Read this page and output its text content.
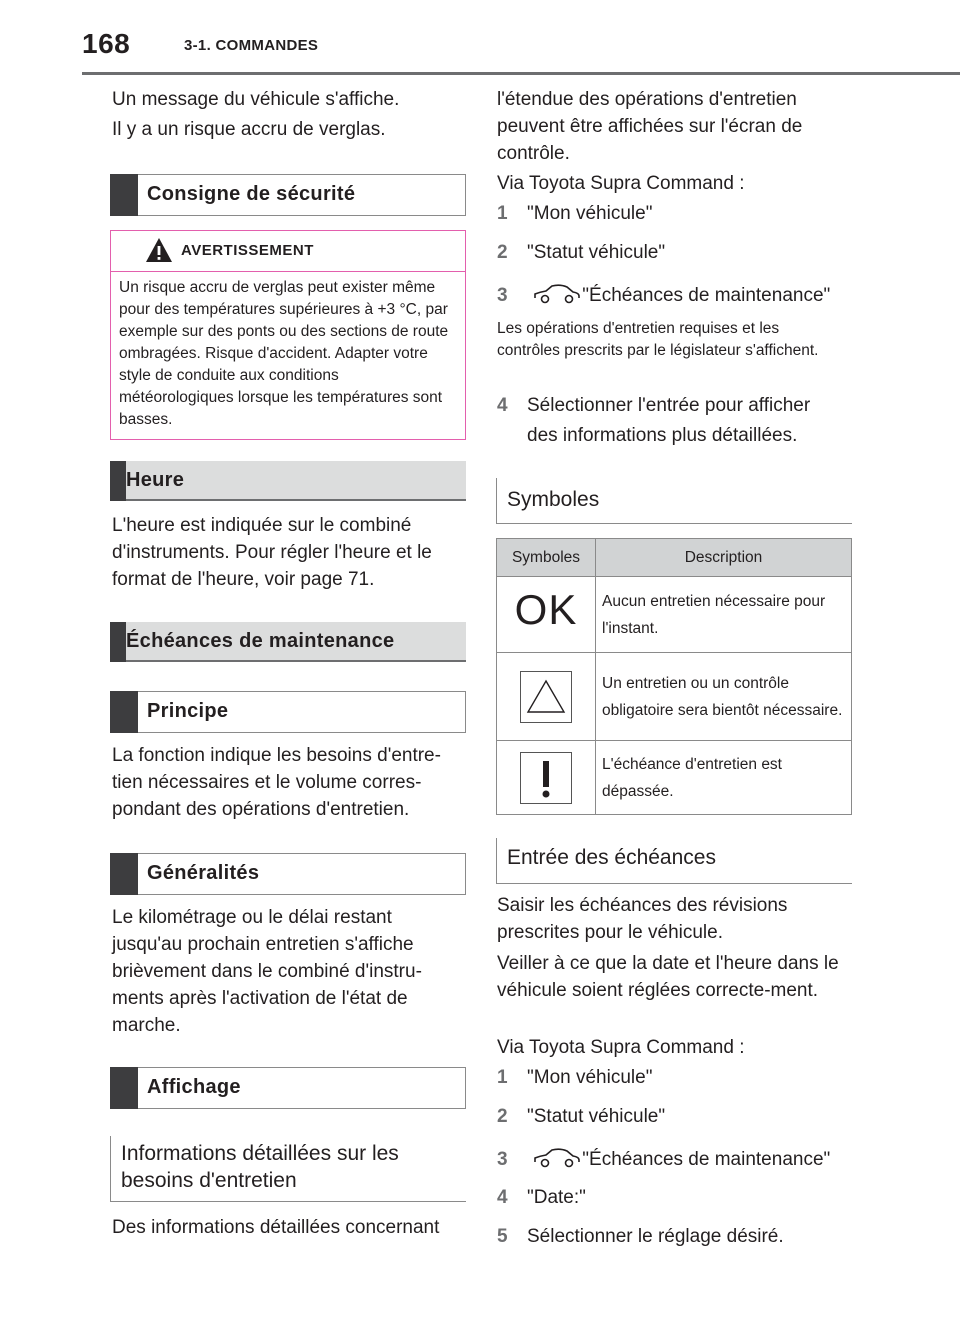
168	3-1. COMMANDES

Un message du véhicule s'affiche.

Il y a un risque accru de verglas.

Consigne de sécurité
AVERTISSEMENT
Un risque accru de verglas peut exister même pour des températures supérieures à +3 °C, par exemple sur des ponts ou des sections de route ombragées. Risque d'accident. Adapter votre style de conduite aux conditions météorologiques lorsque les températures sont basses.
Heure

L'heure est indiquée sur le combiné d'instruments. Pour régler l'heure et le format de l'heure, voir page 71.

Échéances de maintenance
Principe

La fonction indique les besoins d'entre-tien nécessaires et le volume corres-pondant des opérations d'entretien.

Généralités

Le kilométrage ou le délai restant jusqu'au prochain entretien s'affiche brièvement dans le combiné d'instru-ments après l'activation de l'état de marche.

Affichage
Informations détaillées sur les besoins d'entretien

Des informations détaillées concernant

l'étendue des opérations d'entretien peuvent être affichées sur l'écran de contrôle.

Via Toyota Supra Command :

1 "Mon véhicule"
2 "Statut véhicule"
3	"Échéances de maintenance"
Les opérations d'entretien requises et les contrôles prescrits par le législateur s'affichent.
4	Sélectionner l'entrée pour afficher des informations plus détaillées.
Symboles
Symboles	Description
OK	Aucun entretien nécessaire pour l'instant.
	Un entretien ou un contrôle obligatoire sera bientôt nécessaire.
	L'échéance d'entretien est dépassée.
Entrée des échéances

Saisir les échéances des révisions prescrites pour le véhicule.

Veiller à ce que la date et l'heure dans le véhicule soient réglées correcte-ment.

Via Toyota Supra Command :

1 "Mon véhicule"
2 "Statut véhicule"
3	"Échéances de maintenance"
4 "Date:"
5 Sélectionner le réglage désiré.
